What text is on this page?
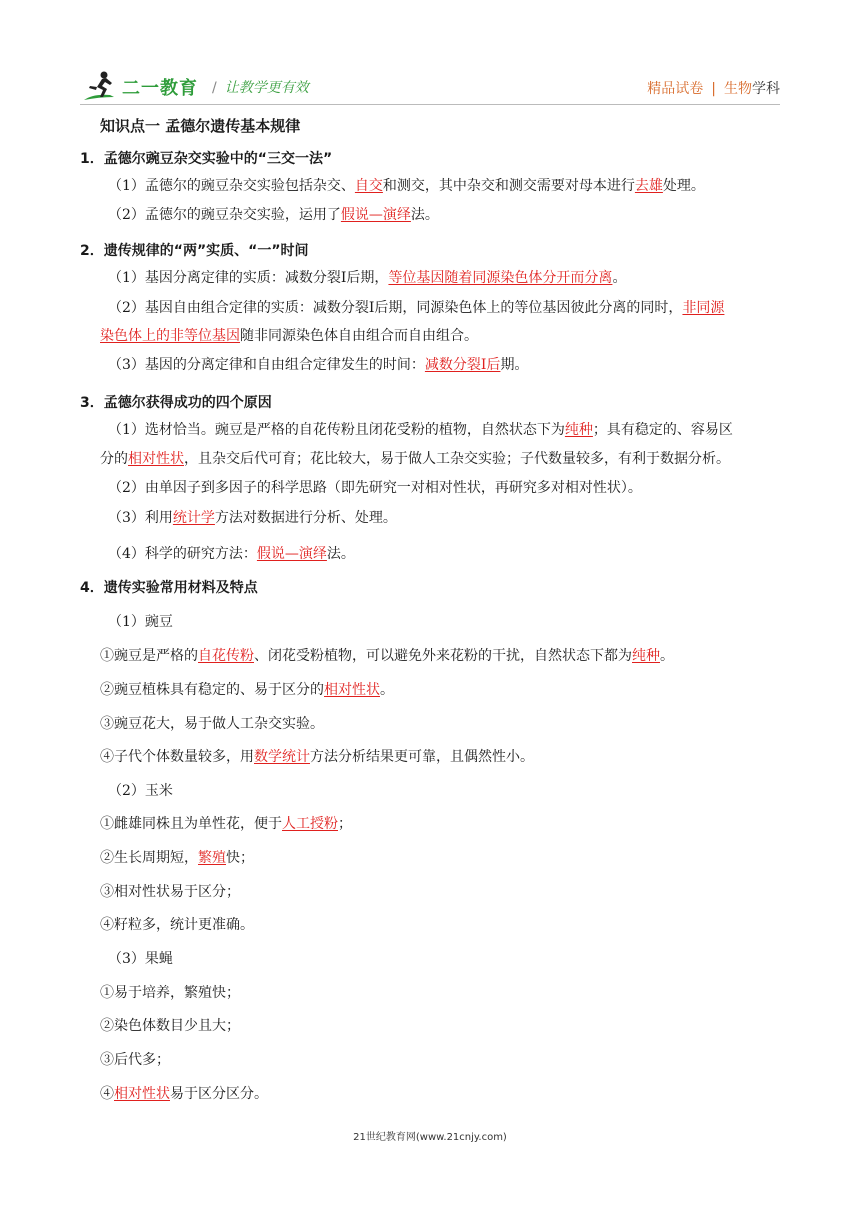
二一教育 / 让教学更有效	精品试卷 | 生物学科
知识点一 孟德尔遗传基本规律
1．孟德尔豌豆杂交实验中的“三交一法”
（1）孟德尔的豌豆杂交实验包括杂交、自交和测交，其中杂交和测交需要对母本进行去雄处理。
（2）孟德尔的豌豆杂交实验，运用了假说—演绎法。
2．遗传规律的“两”实质、“一”时间
（1）基因分离定律的实质：减数分裂Ⅰ后期，等位基因随着同源染色体分开而分离。
（2）基因自由组合定律的实质：减数分裂Ⅰ后期，同源染色体上的等位基因彼此分离的同时，非同源
染色体上的非等位基因随非同源染色体自由组合而自由组合。
（3）基因的分离定律和自由组合定律发生的时间：减数分裂Ⅰ后期。
3．孟德尔获得成功的四个原因
（1）选材恰当。豌豆是严格的自花传粉且闭花受粉的植物，自然状态下为纯种；具有稳定的、容易区
分的相对性状，且杂交后代可育；花比较大，易于做人工杂交实验；子代数量较多，有利于数据分析。
（2）由单因子到多因子的科学思路（即先研究一对相对性状，再研究多对相对性状）。
（3）利用统计学方法对数据进行分析、处理。
（4）科学的研究方法：假说—演绎法。
4．遗传实验常用材料及特点
（1）豌豆
①豌豆是严格的自花传粉、闭花受粉植物，可以避免外来花粉的干扰，自然状态下都为纯种。
②豌豆植株具有稳定的、易于区分的相对性状。
③豌豆花大，易于做人工杂交实验。
④子代个体数量较多，用数学统计方法分析结果更可靠，且偶然性小。
（2）玉米
①雌雄同株且为单性花，便于人工授粉；
②生长周期短，繁殖快；
③相对性状易于区分；
④籽粒多，统计更准确。
（3）果蝇
①易于培养，繁殖快；
②染色体数目少且大；
③后代多；
④相对性状易于区分区分。
21世纪教育网(www.21cnjy.com)
